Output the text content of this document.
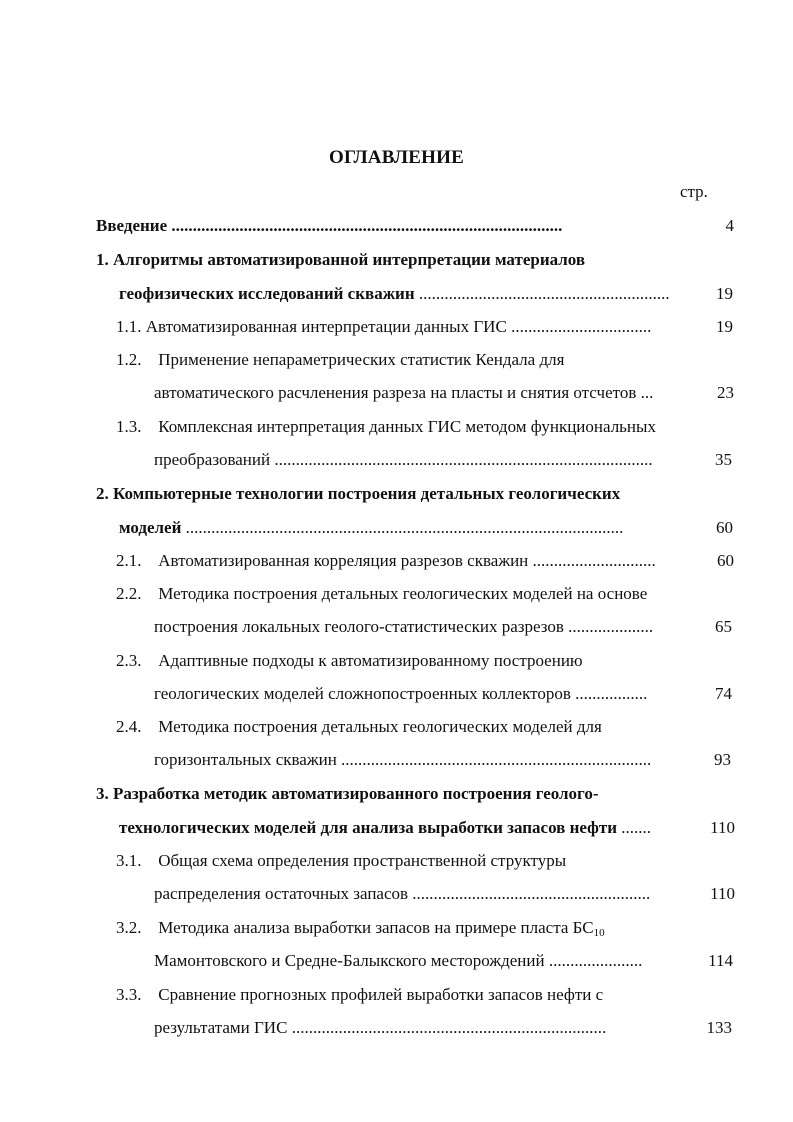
ОГЛАВЛЕНИЕ
стр.
Введение ............................................................................................	4
1. Алгоритмы автоматизированной интерпретации материалов
геофизических исследований скважин ...........................................................	19
1.1. Автоматизированная интерпретации данных ГИС .................................	19
1.2. Применение непараметрических статистик Кендала для
автоматического расчленения разреза на пласты и снятия отсчетов ...	23
1.3. Комплексная интерпретация данных ГИС методом функциональных
преобразований .........................................................................................	35
2. Компьютерные технологии построения детальных геологических
моделей .......................................................................................................	60
2.1. Автоматизированная корреляция разрезов скважин .............................	60
2.2. Методика построения детальных геологических моделей на основе
построения локальных геолого-статистических разрезов ....................	65
2.3. Адаптивные подходы к автоматизированному построению
геологических моделей сложнопостроенных коллекторов .................	74
2.4. Методика построения детальных геологических моделей для
горизонтальных скважин .........................................................................	93
3. Разработка методик автоматизированного построения геолого-
технологических моделей для анализа выработки запасов нефти .......	110
3.1. Общая схема определения пространственной структуры
распределения остаточных запасов ........................................................	110
3.2. Методика анализа выработки запасов на примере пласта $БС_{10}$
Мамонтовского и Средне-Балыкского месторождений ......................	114
3.3. Сравнение прогнозных профилей выработки запасов нефти с
результатами ГИС ..........................................................................	133
